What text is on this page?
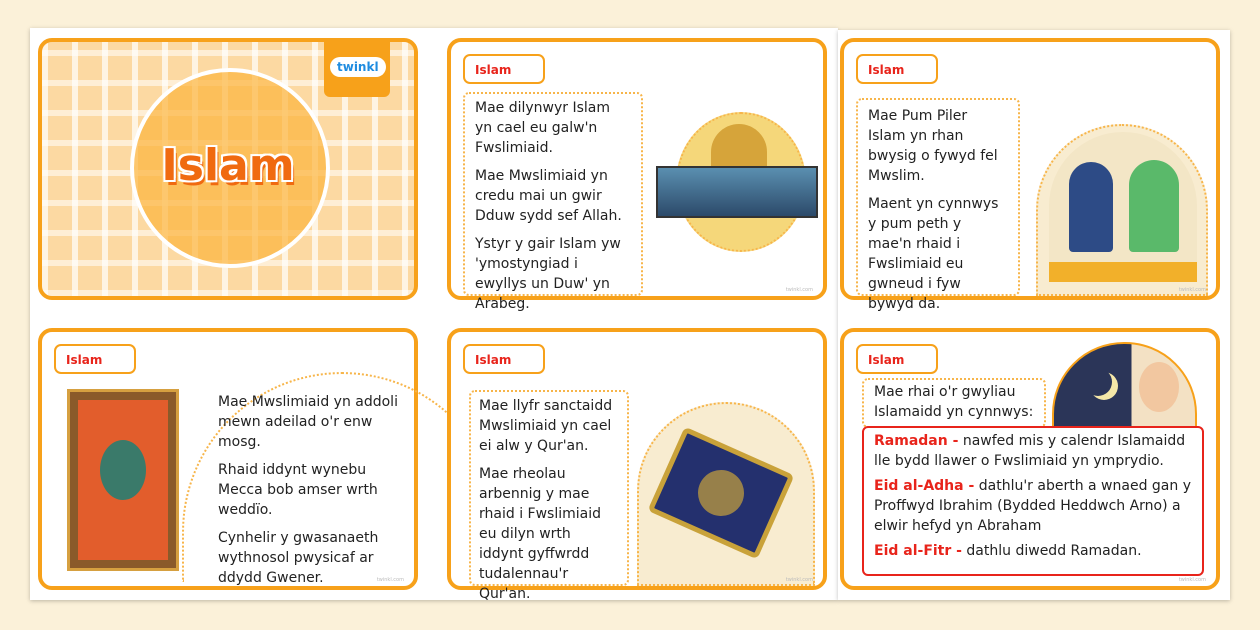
twinkl
Islam
Islam

Mae dilynwyr Islam yn cael eu galw'n Fwslimiaid.

Mae Mwslimiaid yn credu mai un gwir Dduw sydd sef Allah.

Ystyr y gair Islam yw 'ymostyngiad i ewyllys un Duw' yn Arabeg.

twinkl.com
Islam

Mae Pum Piler Islam yn rhan bwysig o fywyd fel Mwslim.

Maent yn cynnwys y pum peth y mae'n rhaid i Fwslimiaid eu gwneud i fyw bywyd da.

twinkl.com
Islam

Mae Mwslimiaid yn addoli mewn adeilad o'r enw mosg.

Rhaid iddynt wynebu Mecca bob amser wrth weddïo.

Cynhelir y gwasanaeth wythnosol pwysicaf ar ddydd Gwener.	twinkl.com
Islam

Mae llyfr sanctaidd Mwslimiaid yn cael ei alw y Qur'an.

Mae rheolau arbennig y mae rhaid i Fwslimiaid eu dilyn wrth iddynt gyffwrdd tudalennau'r Qur'an.

twinkl.com
Islam

Mae rhai o'r gwyliau Islamaidd yn cynnwys:

Ramadan - nawfed mis y calendr Islamaidd lle bydd llawer o Fwslimiaid yn ymprydio.

Eid al-Adha - dathlu'r aberth a wnaed gan y Proffwyd Ibrahim (Bydded Heddwch Arno) a elwir hefyd yn Abraham

Eid al-Fitr - dathlu diwedd Ramadan.

twinkl.com
